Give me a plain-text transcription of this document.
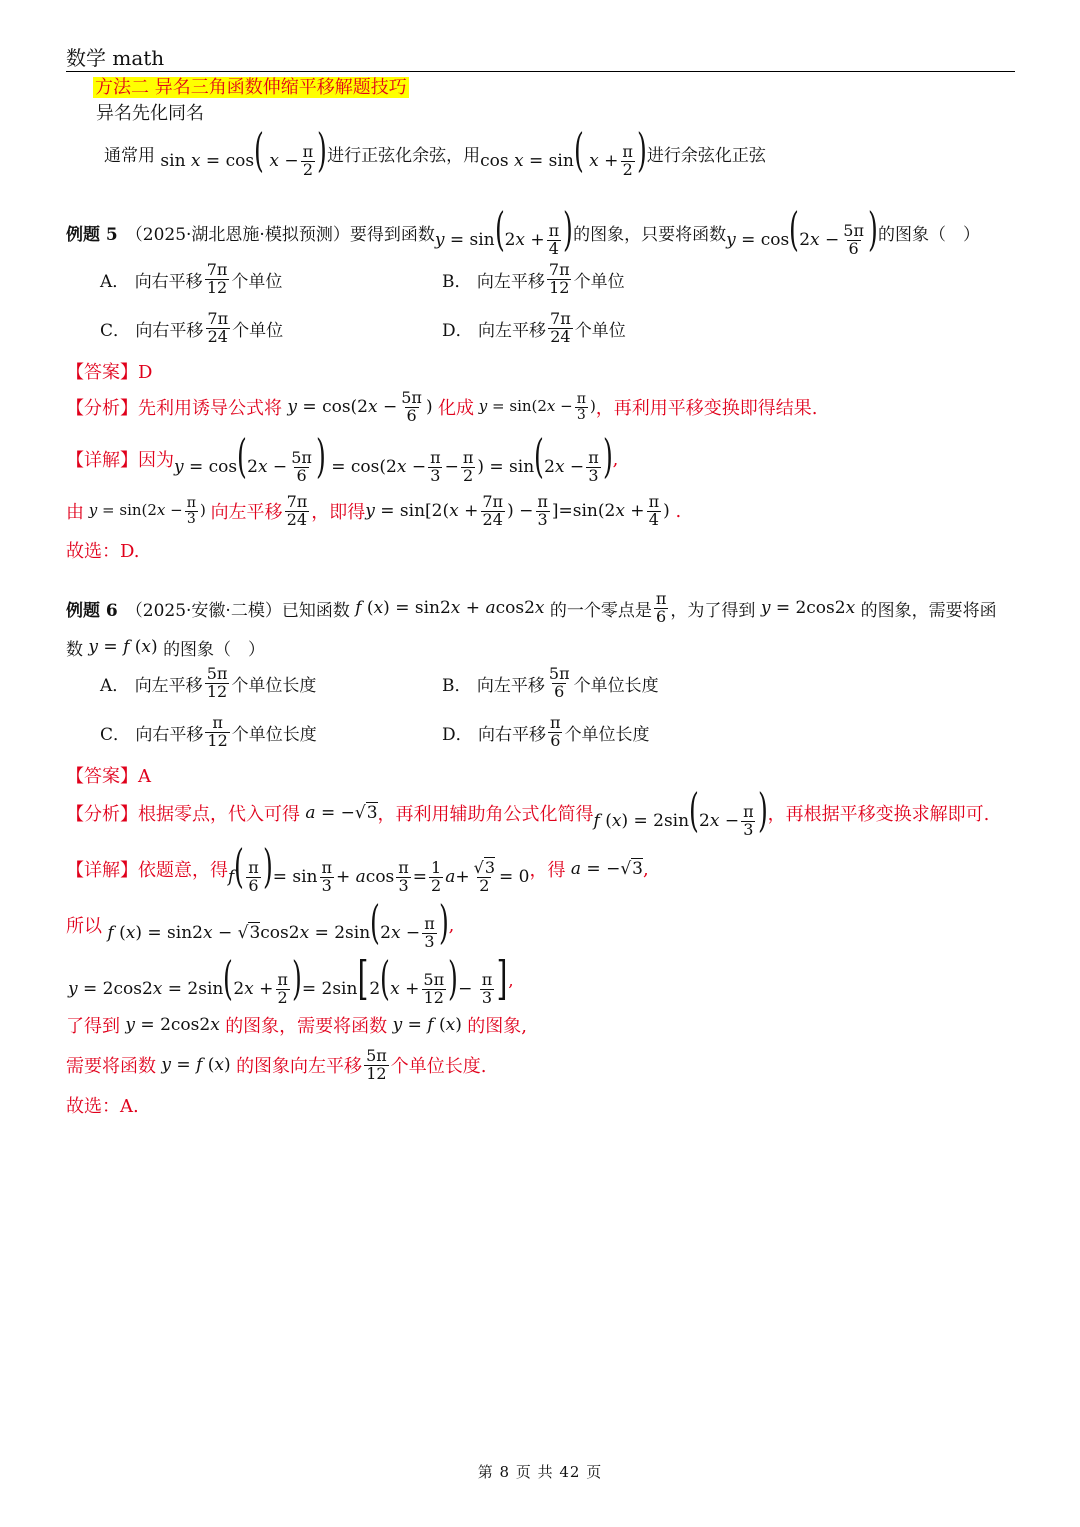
数学 math
方法二 异名三角函数伸缩平移解题技巧
异名先化同名
通常用 sin x = cos( $x - \frac{\pi}{2}$ ) 进行正弦化余弦，用 cos x = sin( $x + \frac{\pi}{2}$ ) 进行余弦化正弦
例题 5 （2025·湖北恩施·模拟预测）要得到函数 $y = \sin(2x + \frac{\pi}{4}$ ) 的图象，只要将函数 $y = \cos(2x - \frac{5\pi}{6}$ ) 的图象（　）
A．
向右平移 $\frac{7\pi}{12}$ 个单位	B．
向左平移 $\frac{7\pi}{12}$ 个单位
C．
向右平移 $\frac{7\pi}{24}$ 个单位	D．
向左平移 $\frac{7\pi}{24}$ 个单位
【答案】D
【分析】 先利用诱导公式将 $y = \cos(2x - \frac{5\pi}{6}$ ) 化成 $y = \sin(2x - \frac{\pi}{3}$ ) ，再利用平移变换即得结果.
【详解】 因为 $y = \cos(2x - \frac{5\pi}{6}$ ) = $\cos(2x - \frac{\pi}{3} - \frac{\pi}{2}$ ) = $\sin(2x - \frac{\pi}{3}$ ) ,
由 $y = \sin(2x - \frac{\pi}{3}$ ) 向左平移 $\frac{7\pi}{24}$ ，即得 $y = \sin[2(x + \frac{7\pi}{24}$ ) − $\frac{\pi}{3} ]=\sin(2x + \frac{\pi}{4}$ ) .
故选：D.
例题 6 （2025·安徽·二模）已知函数 f (x) = sin2x + acos2x 的一个零点是 $\frac{\pi}{6}$ ，为了得到 y = 2cos2x 的图象，需要将函
数 y = f (x) 的图象（　）
A．
向左平移 $\frac{5\pi}{12}$ 个单位长度	B．
向左平移 $\frac{5\pi}{6}$ 个单位长度
C．
向右平移 $\frac{\pi}{12}$ 个单位长度	D．
向右平移 $\frac{\pi}{6}$ 个单位长度
【答案】A
【分析】 根据零点，代入可得 a = −√3 ，再利用辅助角公式化简得 f $(x) = 2\sin(2x - \frac{\pi}{3}$ ) ，再根据平移变换求解即可.
【详解】 依题意，得 $f( \frac{\pi}{6}$ )= $\sin \frac{\pi}{3} + acos \frac{\pi}{3} = \frac{1}{2} a+ \frac{√3}{2} = 0$ ，得 a = −√3 ,
所以 f $(x) = \sin 2x - √3\cos 2x = 2\sin(2x - \frac{\pi}{3}$ ) ,
$y = 2\cos 2x = 2\sin(2x + \frac{\pi}{2}$ )= $2\sin[2(x + \frac{5\pi}{12}$ )− $\frac{\pi}{3}$ ] ,
了得到 y = 2cos2x 的图象，需要将函数 y = f (x) 的图象,
需要将函数 y = f (x) 的图象向左平移 $\frac{5\pi}{12}$ 个单位长度.
故选：A.
第 8 页 共 42 页
